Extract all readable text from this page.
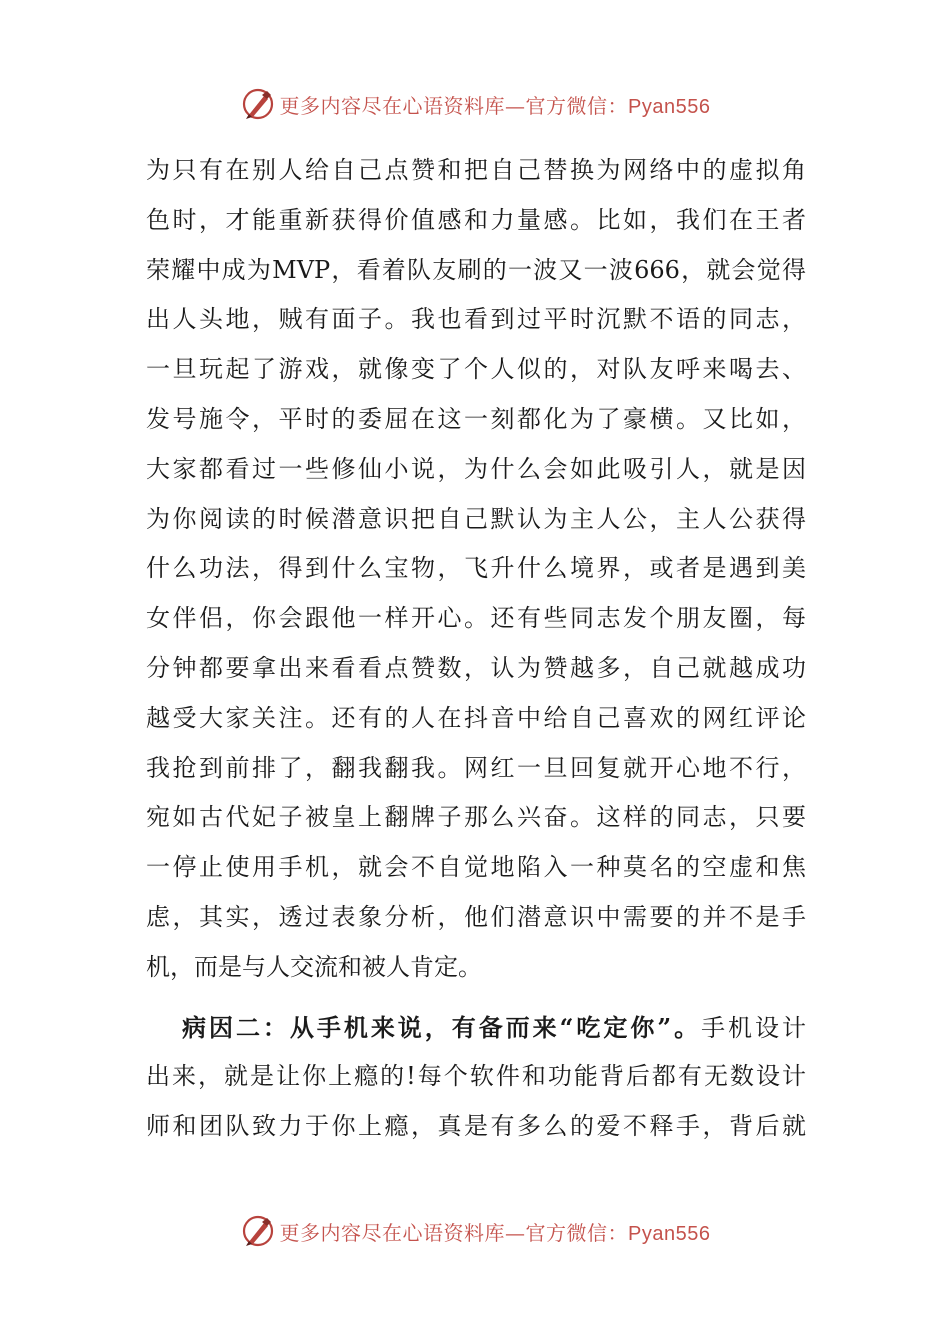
更多内容尽在心语资料库—官方微信：Pyan556
为只有在别人给自己点赞和把自己替换为网络中的虚拟角
色时，才能重新获得价值感和力量感。比如，我们在王者
荣耀中成为MVP，看着队友刷的一波又一波666，就会觉得
出人头地，贼有面子。我也看到过平时沉默不语的同志，
一旦玩起了游戏，就像变了个人似的，对队友呼来喝去、
发号施令，平时的委屈在这一刻都化为了豪横。又比如，
大家都看过一些修仙小说，为什么会如此吸引人，就是因
为你阅读的时候潜意识把自己默认为主人公，主人公获得
什么功法，得到什么宝物，飞升什么境界，或者是遇到美
女伴侣，你会跟他一样开心。还有些同志发个朋友圈，每
分钟都要拿出来看看点赞数，认为赞越多，自己就越成功
越受大家关注。还有的人在抖音中给自己喜欢的网红评论
我抢到前排了，翻我翻我。网红一旦回复就开心地不行，
宛如古代妃子被皇上翻牌子那么兴奋。这样的同志，只要
一停止使用手机，就会不自觉地陷入一种莫名的空虚和焦
虑，其实，透过表象分析，他们潜意识中需要的并不是手
机，而是与人交流和被人肯定。
病因二：从手机来说，有备而来“吃定你”。手机设计
出来，就是让你上瘾的!每个软件和功能背后都有无数设计
师和团队致力于你上瘾，真是有多么的爱不释手，背后就
更多内容尽在心语资料库—官方微信：Pyan556
